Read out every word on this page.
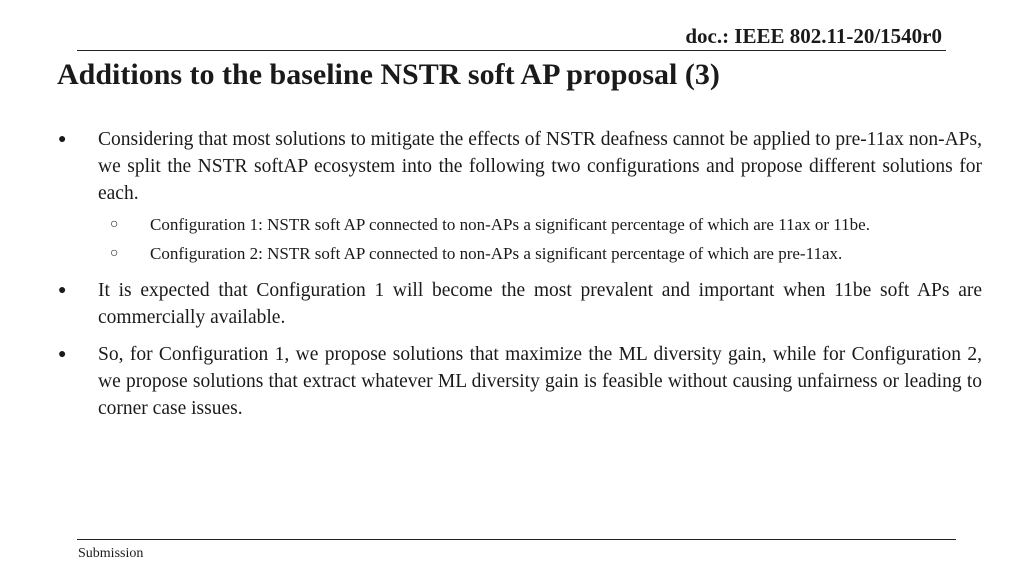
doc.: IEEE 802.11-20/1540r0
Additions to the baseline NSTR soft AP proposal (3)
● Considering that most solutions to mitigate the effects of NSTR deafness cannot be applied to pre-11ax non-APs, we split the NSTR softAP ecosystem into the following two configurations and propose different solutions for each.
○ Configuration 1: NSTR soft AP connected to non-APs a significant percentage of which are 11ax or 11be.
○ Configuration 2: NSTR soft AP connected to non-APs a significant percentage of which are pre-11ax.
● It is expected that Configuration 1 will become the most prevalent and important when 11be soft APs are commercially available.
● So, for Configuration 1, we propose solutions that maximize the ML diversity gain, while for Configuration 2, we propose solutions that extract whatever ML diversity gain is feasible without causing unfairness or leading to corner case issues.
Submission
